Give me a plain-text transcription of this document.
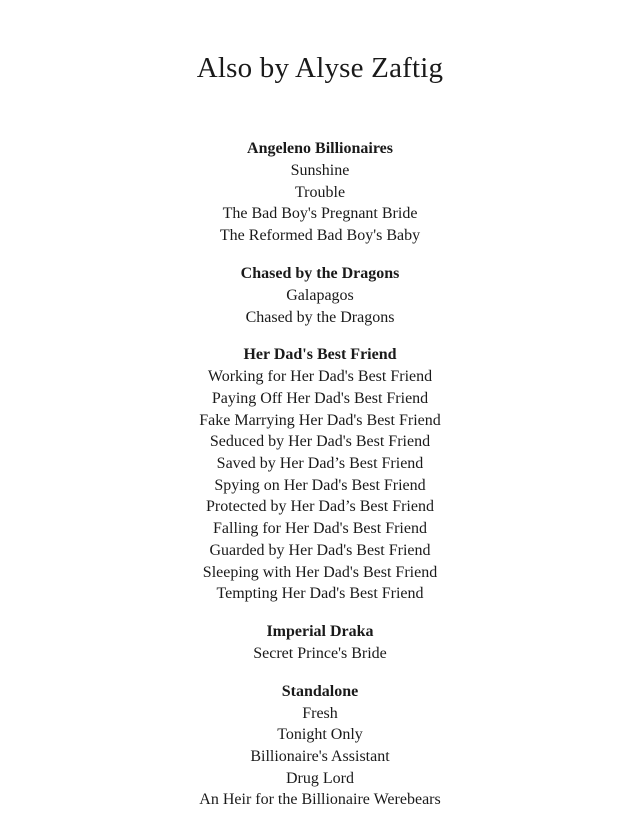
Also by Alyse Zaftig
Angeleno Billionaires
Sunshine
Trouble
The Bad Boy's Pregnant Bride
The Reformed Bad Boy's Baby
Chased by the Dragons
Galapagos
Chased by the Dragons
Her Dad's Best Friend
Working for Her Dad's Best Friend
Paying Off Her Dad's Best Friend
Fake Marrying Her Dad's Best Friend
Seduced by Her Dad's Best Friend
Saved by Her Dad’s Best Friend
Spying on Her Dad's Best Friend
Protected by Her Dad’s Best Friend
Falling for Her Dad's Best Friend
Guarded by Her Dad's Best Friend
Sleeping with Her Dad's Best Friend
Tempting Her Dad's Best Friend
Imperial Draka
Secret Prince's Bride
Standalone
Fresh
Tonight Only
Billionaire's Assistant
Drug Lord
An Heir for the Billionaire Werebears
